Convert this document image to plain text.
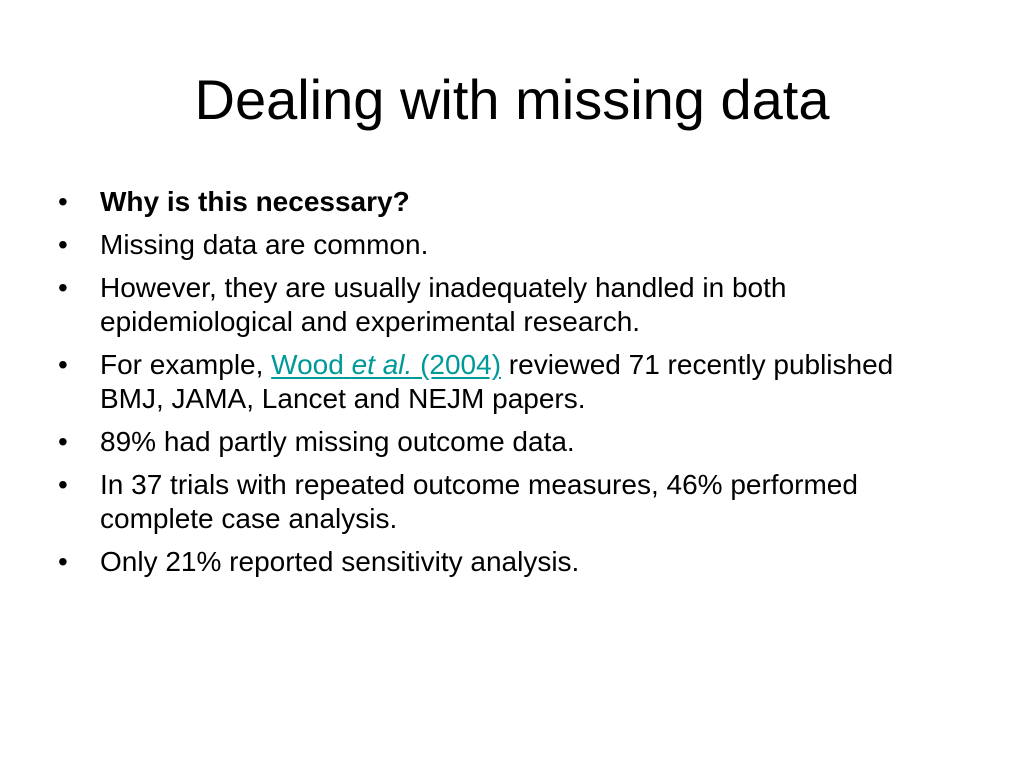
Dealing with missing data
•	Why is this necessary?
•	Missing data are common.
•	However, they are usually inadequately handled in both epidemiological and experimental research.
•	For example, Wood et al. (2004) reviewed 71 recently published BMJ, JAMA, Lancet and NEJM papers.
•	89% had partly missing outcome data.
•	In 37 trials with repeated outcome measures, 46% performed complete case analysis.
•	Only 21% reported sensitivity analysis.
